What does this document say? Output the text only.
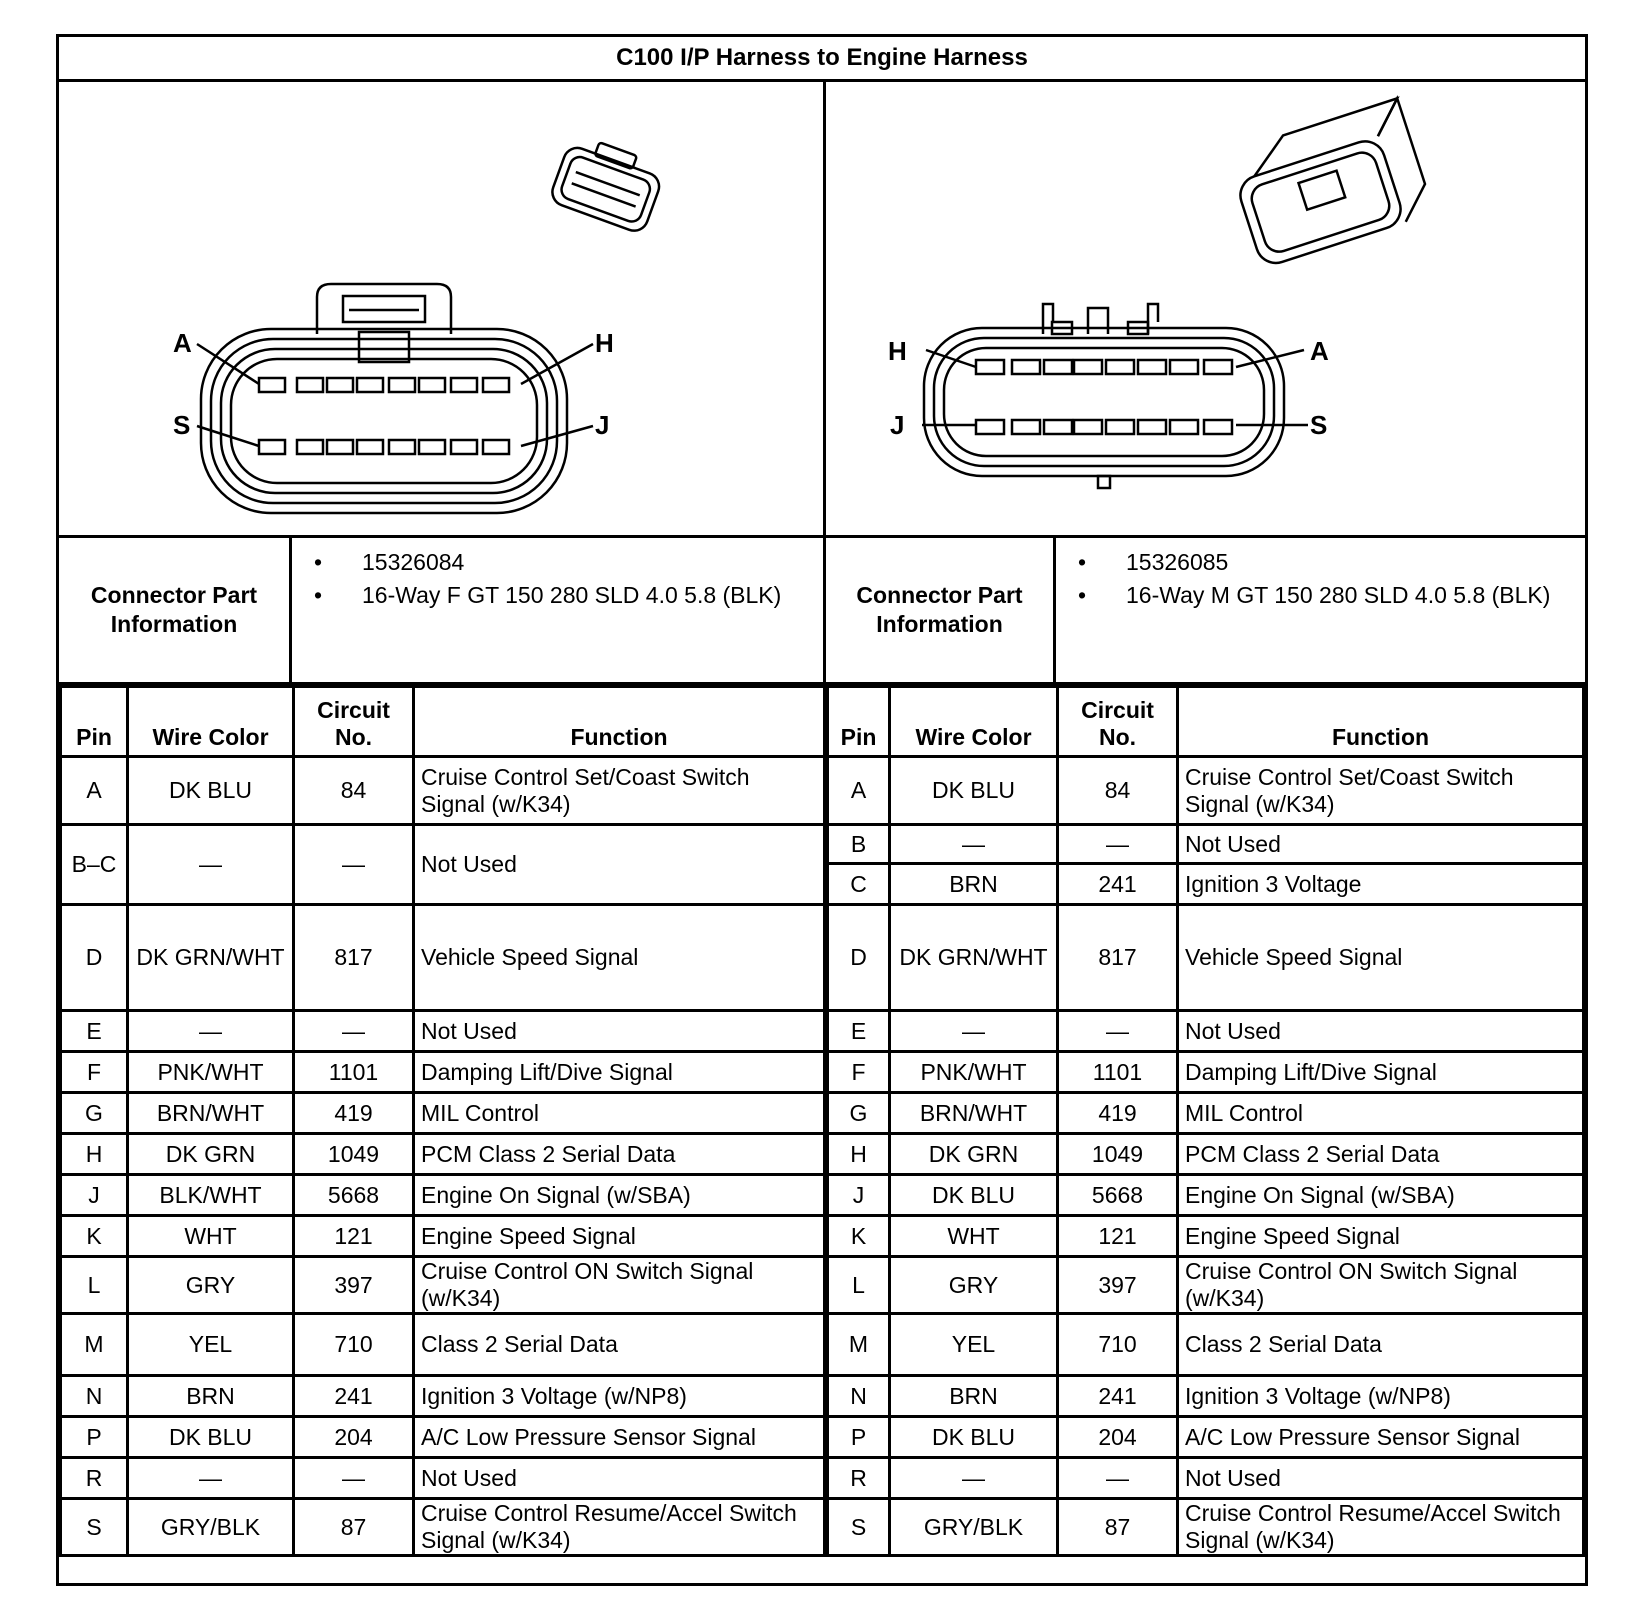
C100 I/P Harness to Engine Harness
A	H
S	J
H	A
J	S
Connector Part Information
• 15326084
• 16-Way F GT 150 280 SLD 4.0 5.8 (BLK)	Connector Part Information
• 15326085
• 16-Way M GT 150 280 SLD 4.0 5.8 (BLK)
Pin	Wire Color	Circuit No.	Function
A	DK BLU	84	Cruise Control Set/Coast Switch Signal (w/K34)
B–C	—	—	Not Used
D	DK GRN/WHT	817	Vehicle Speed Signal
E	—	—	Not Used
F	PNK/WHT	1101	Damping Lift/Dive Signal
G	BRN/WHT	419	MIL Control
H	DK GRN	1049	PCM Class 2 Serial Data
J	BLK/WHT	5668	Engine On Signal (w/SBA)
K	WHT	121	Engine Speed Signal
L	GRY	397	Cruise Control ON Switch Signal (w/K34)
M	YEL	710	Class 2 Serial Data
N	BRN	241	Ignition 3 Voltage (w/NP8)
P	DK BLU	204	A/C Low Pressure Sensor Signal
R	—	—	Not Used
S	GRY/BLK	87	Cruise Control Resume/Accel Switch Signal (w/K34)
Pin	Wire Color	Circuit No.	Function
A	DK BLU	84	Cruise Control Set/Coast Switch Signal (w/K34)
B	—	—	Not Used
C	BRN	241	Ignition 3 Voltage
D	DK GRN/WHT	817	Vehicle Speed Signal
E	—	—	Not Used
F	PNK/WHT	1101	Damping Lift/Dive Signal
G	BRN/WHT	419	MIL Control
H	DK GRN	1049	PCM Class 2 Serial Data
J	DK BLU	5668	Engine On Signal (w/SBA)
K	WHT	121	Engine Speed Signal
L	GRY	397	Cruise Control ON Switch Signal (w/K34)
M	YEL	710	Class 2 Serial Data
N	BRN	241	Ignition 3 Voltage (w/NP8)
P	DK BLU	204	A/C Low Pressure Sensor Signal
R	—	—	Not Used
S	GRY/BLK	87	Cruise Control Resume/Accel Switch Signal (w/K34)
